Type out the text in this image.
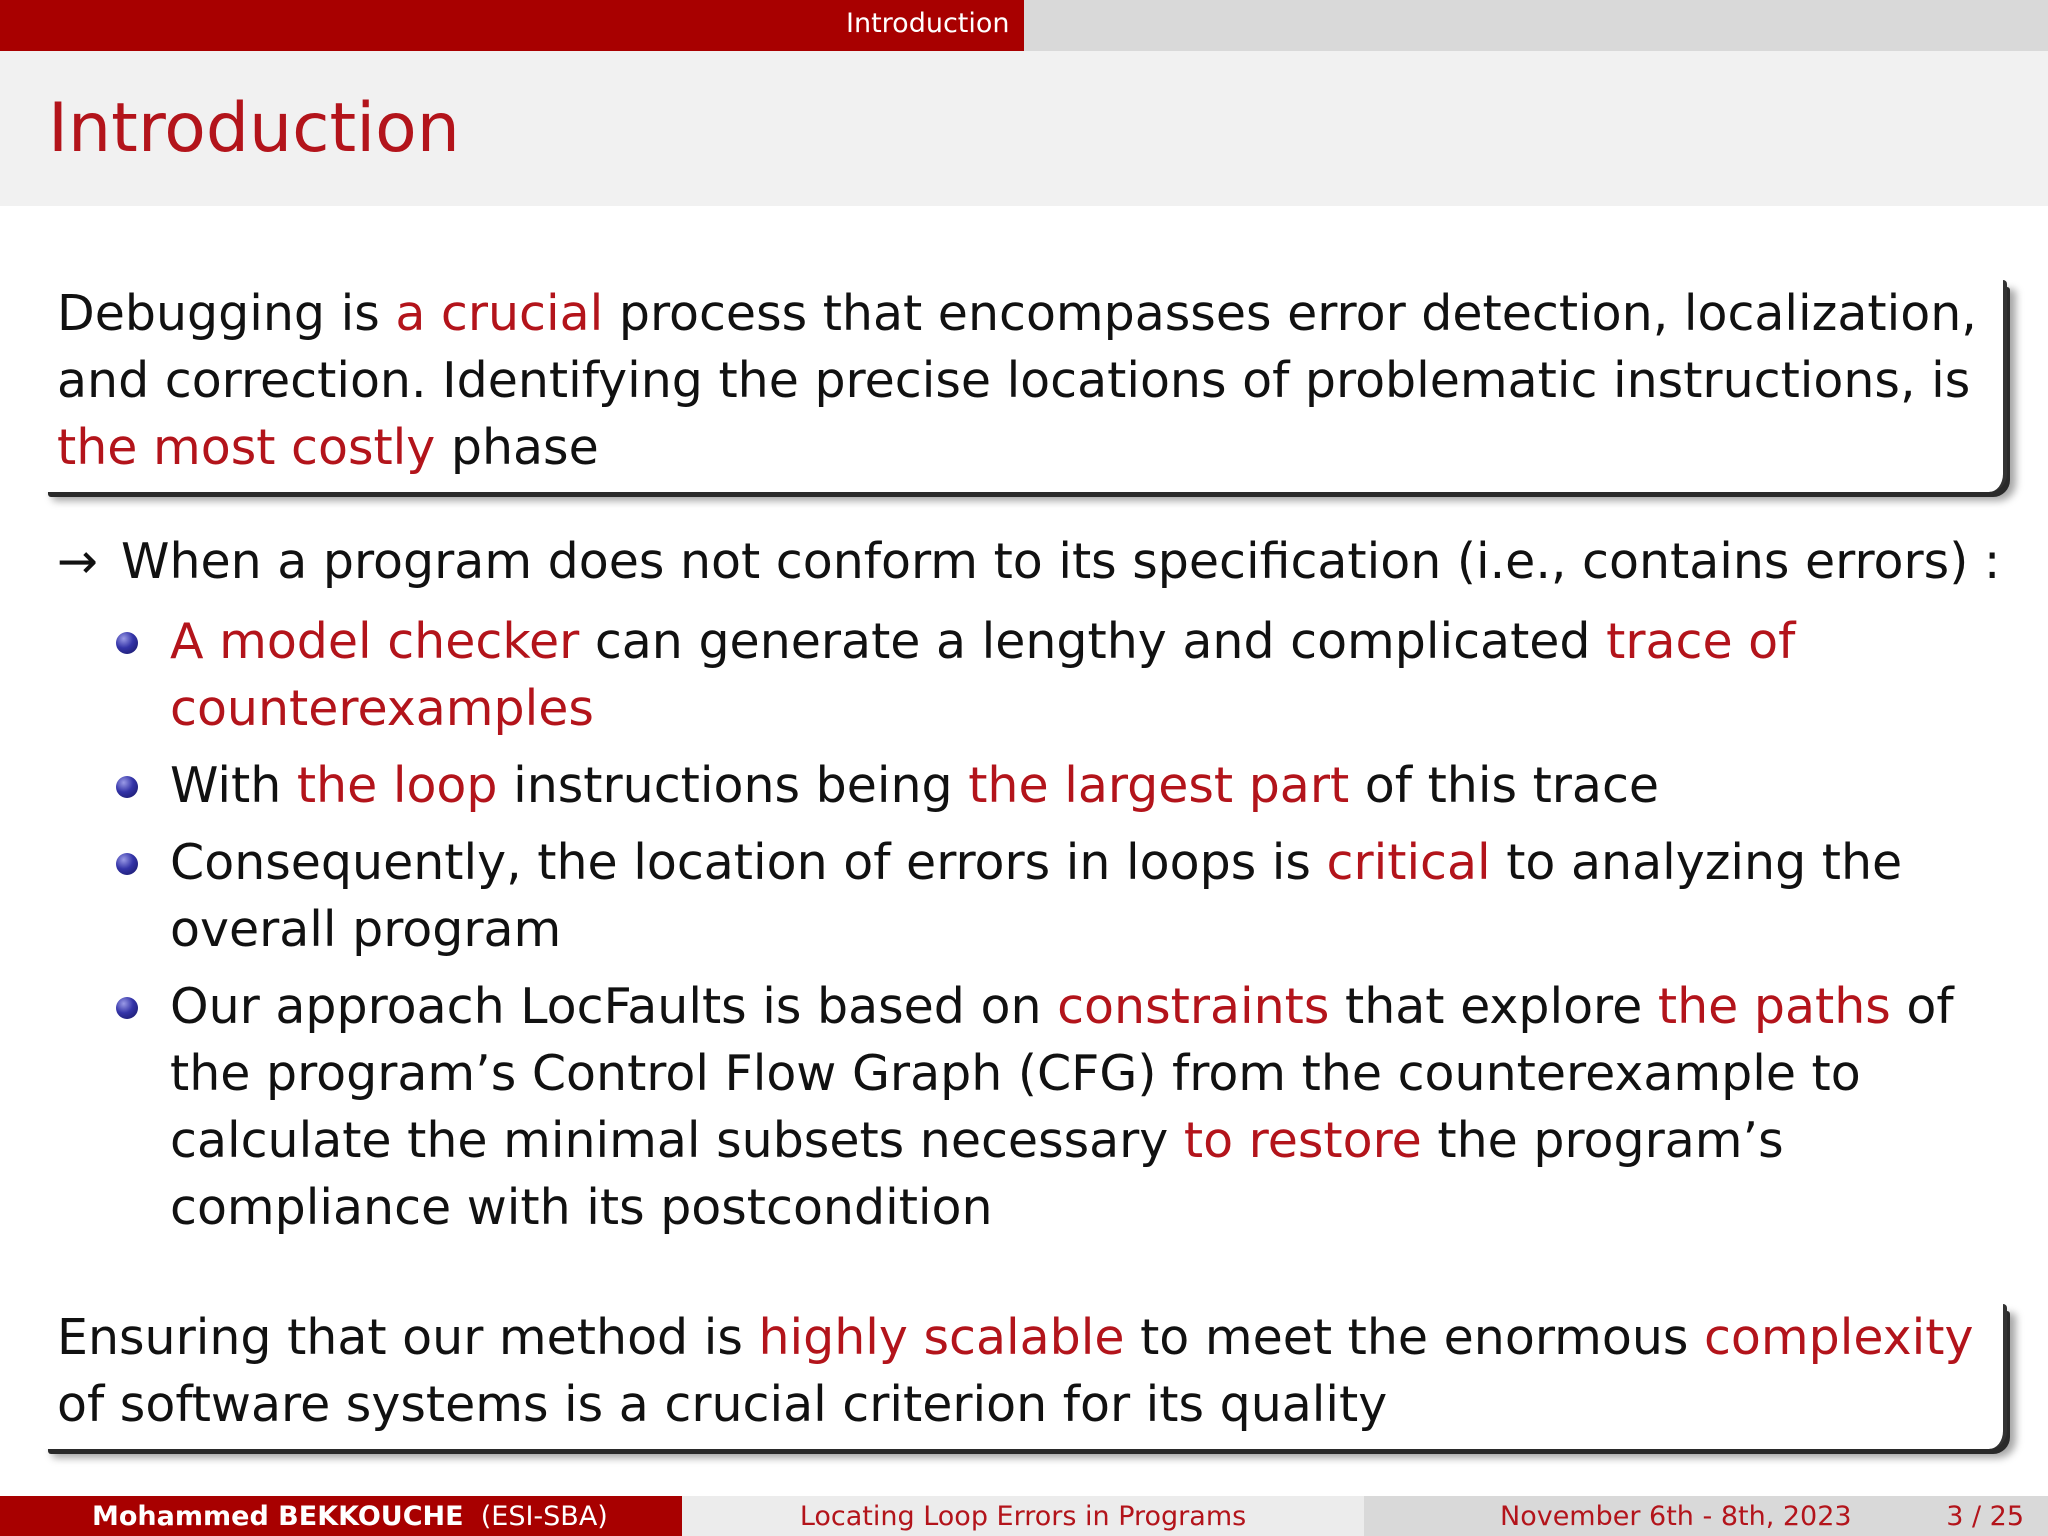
Introduction
Introduction

Debugging is a crucial process that encompasses error detection, localization, and correction. Identifying the precise locations of problematic instructions, is the most costly phase

→ When a program does not conform to its specification (i.e., contains errors) :

A model checker can generate a lengthy and complicated trace of counterexamples
With the loop instructions being the largest part of this trace
Consequently, the location of errors in loops is critical to analyzing the overall program
Our approach LocFaults is based on constraints that explore the paths of the program’s Control Flow Graph (CFG) from the counterexample to calculate the minimal subsets necessary to restore the program’s compliance with its postcondition

Ensuring that our method is highly scalable to meet the enormous complexity of software systems is a crucial criterion for its quality

Mohammed BEKKOUCHE
(ESI-SBA)	Locating Loop Errors in Programs	November 6th - 8th, 2023	3 / 25
